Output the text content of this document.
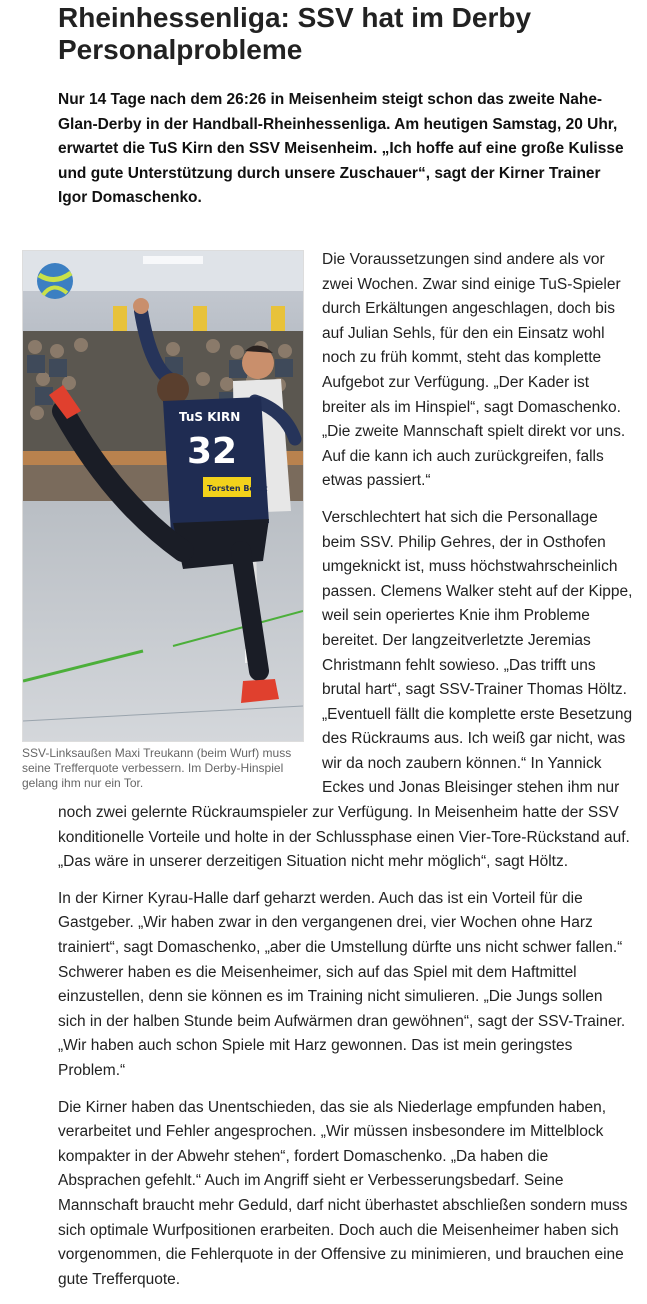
Rheinhessenliga: SSV hat im Derby Personalprobleme

Nur 14 Tage nach dem 26:26 in Meisenheim steigt schon das zweite Nahe-Glan-Derby in der Handball-Rheinhessenliga. Am heutigen Samstag, 20 Uhr, erwartet die TuS Kirn den SSV Meisenheim. „Ich hoffe auf eine große Kulisse und gute Unterstützung durch unsere Zuschauer“, sagt der Kirner Trainer Igor Domaschenko.

TuS KIRN
32
Torsten Börst
SSV-Linksaußen Maxi Treukann (beim Wurf) muss seine Trefferquote verbessern. Im Derby-Hinspiel gelang ihm nur ein Tor.

Die Voraussetzungen sind andere als vor zwei Wochen. Zwar sind einige TuS-Spieler durch Erkältungen angeschlagen, doch bis auf Julian Sehls, für den ein Einsatz wohl noch zu früh kommt, steht das komplette Aufgebot zur Verfügung. „Der Kader ist breiter als im Hinspiel“, sagt Domaschenko. „Die zweite Mannschaft spielt direkt vor uns. Auf die kann ich auch zurückgreifen, falls etwas passiert.“

Verschlechtert hat sich die Personallage beim SSV. Philip Gehres, der in Osthofen umgeknickt ist, muss höchstwahrscheinlich passen. Clemens Walker steht auf der Kippe, weil sein operiertes Knie ihm Probleme bereitet. Der langzeitverletzte Jeremias Christmann fehlt sowieso. „Das trifft uns brutal hart“, sagt SSV-Trainer Thomas Höltz. „Eventuell fällt die komplette erste Besetzung des Rückraums aus. Ich weiß gar nicht, was wir da noch zaubern können.“ In Yannick Eckes und Jonas Bleisinger stehen ihm nur noch zwei gelernte Rückraumspieler zur Verfügung. In Meisenheim hatte der SSV konditionelle Vorteile und holte in der Schlussphase einen Vier-Tore-Rückstand auf. „Das wäre in unserer derzeitigen Situation nicht mehr möglich“, sagt Höltz.

In der Kirner Kyrau-Halle darf geharzt werden. Auch das ist ein Vorteil für die Gastgeber. „Wir haben zwar in den vergangenen drei, vier Wochen ohne Harz trainiert“, sagt Domaschenko, „aber die Umstellung dürfte uns nicht schwer fallen.“ Schwerer haben es die Meisenheimer, sich auf das Spiel mit dem Haftmittel einzustellen, denn sie können es im Training nicht simulieren. „Die Jungs sollen sich in der halben Stunde beim Aufwärmen dran gewöhnen“, sagt der SSV-Trainer. „Wir haben auch schon Spiele mit Harz gewonnen. Das ist mein geringstes Problem.“

Die Kirner haben das Unentschieden, das sie als Niederlage empfunden haben, verarbeitet und Fehler angesprochen. „Wir müssen insbesondere im Mittelblock kompakter in der Abwehr stehen“, fordert Domaschenko. „Da haben die Absprachen gefehlt.“ Auch im Angriff sieht er Verbesserungsbedarf. Seine Mannschaft braucht mehr Geduld, darf nicht überhastet abschließen sondern muss sich optimale Wurfpositionen erarbeiten. Doch auch die Meisenheimer haben sich vorgenommen, die Fehlerquote in der Offensive zu minimieren, und brauchen eine gute Trefferquote.
